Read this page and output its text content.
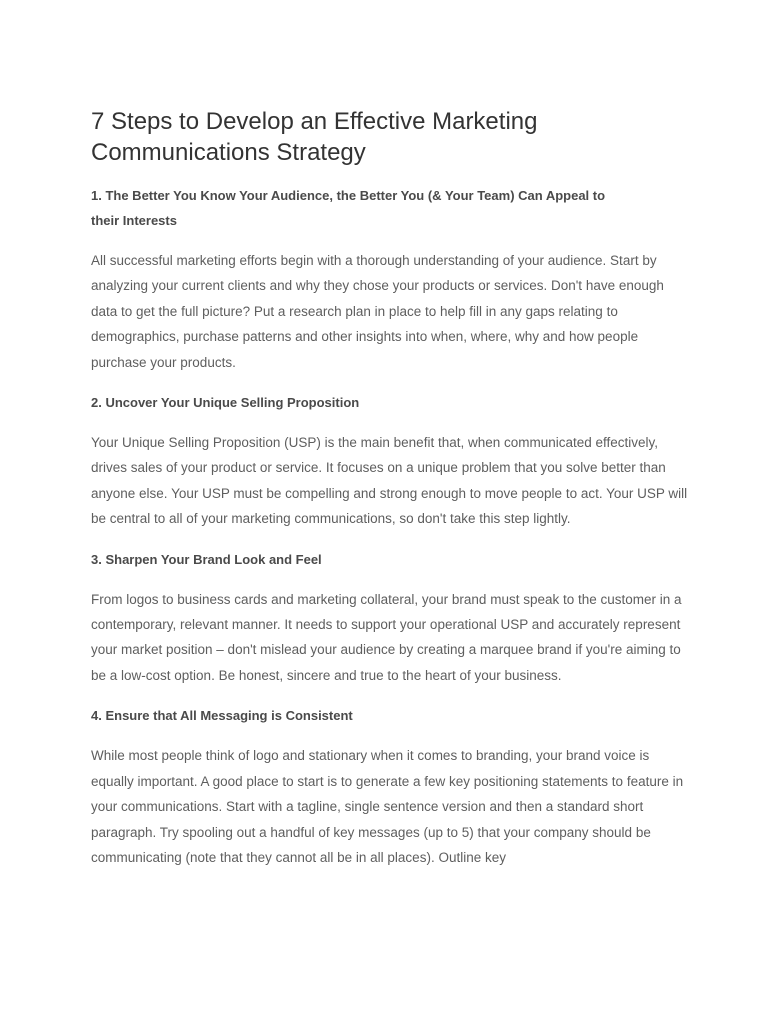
7 Steps to Develop an Effective Marketing
Communications Strategy
1. The Better You Know Your Audience, the Better You (& Your Team) Can Appeal to
their Interests

All successful marketing efforts begin with a thorough understanding of your audience. Start by analyzing your current clients and why they chose your products or services. Don't have enough data to get the full picture? Put a research plan in place to help fill in any gaps relating to demographics, purchase patterns and other insights into when, where, why and how people purchase your products.

2. Uncover Your Unique Selling Proposition

Your Unique Selling Proposition (USP) is the main benefit that, when communicated effectively, drives sales of your product or service. It focuses on a unique problem that you solve better than anyone else. Your USP must be compelling and strong enough to move people to act. Your USP will be central to all of your marketing communications, so don't take this step lightly.

3. Sharpen Your Brand Look and Feel

From logos to business cards and marketing collateral, your brand must speak to the customer in a contemporary, relevant manner. It needs to support your operational USP and accurately represent your market position – don't mislead your audience by creating a marquee brand if you're aiming to be a low-cost option. Be honest, sincere and true to the heart of your business.

4. Ensure that All Messaging is Consistent

While most people think of logo and stationary when it comes to branding, your brand voice is equally important. A good place to start is to generate a few key positioning statements to feature in your communications. Start with a tagline, single sentence version and then a standard short paragraph. Try spooling out a handful of key messages (up to 5) that your company should be communicating (note that they cannot all be in all places). Outline key
